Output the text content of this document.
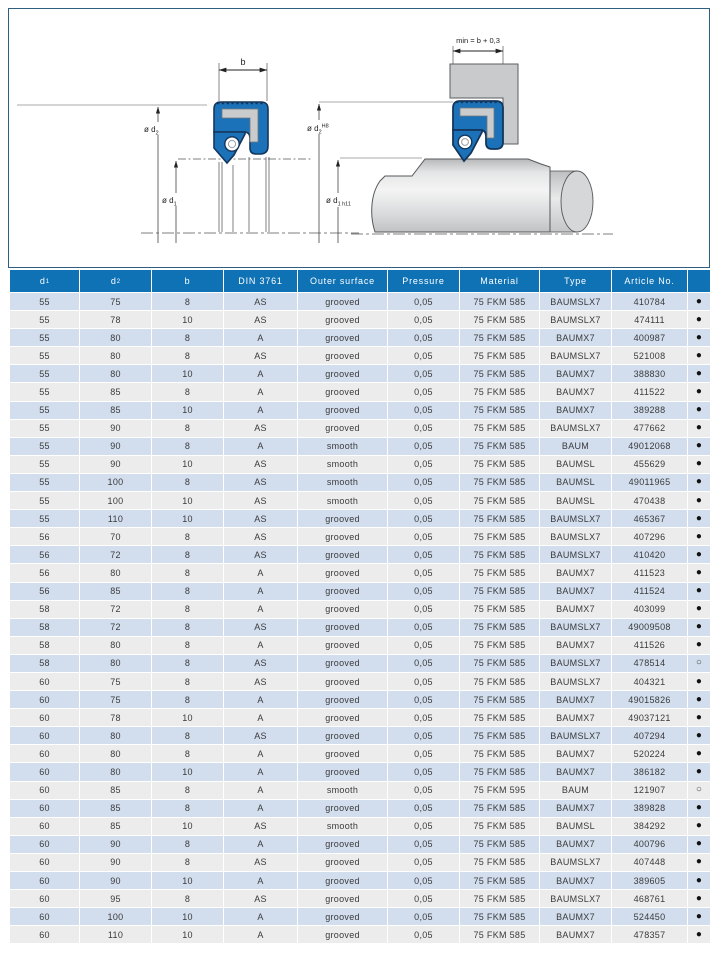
b
ø $d_2$
ø $d_1$
min = b + 0,3
ø $d_2^{H8}$
ø $d_1$ h11
d 1	d 2	b	DIN 3761	Outer surface	Pressure	Material	Type	Article No.
55	75	8	AS	grooved	0,05	75 FKM 585	BAUMSLX7	410784	●
55	78	10	AS	grooved	0,05	75 FKM 585	BAUMSLX7	474111	●
55	80	8	A	grooved	0,05	75 FKM 585	BAUMX7	400987	●
55	80	8	AS	grooved	0,05	75 FKM 585	BAUMSLX7	521008	●
55	80	10	A	grooved	0,05	75 FKM 585	BAUMX7	388830	●
55	85	8	A	grooved	0,05	75 FKM 585	BAUMX7	411522	●
55	85	10	A	grooved	0,05	75 FKM 585	BAUMX7	389288	●
55	90	8	AS	grooved	0,05	75 FKM 585	BAUMSLX7	477662	●
55	90	8	A	smooth	0,05	75 FKM 585	BAUM	49012068	●
55	90	10	AS	smooth	0,05	75 FKM 585	BAUMSL	455629	●
55	100	8	AS	smooth	0,05	75 FKM 585	BAUMSL	49011965	●
55	100	10	AS	smooth	0,05	75 FKM 585	BAUMSL	470438	●
55	110	10	AS	grooved	0,05	75 FKM 585	BAUMSLX7	465367	●
56	70	8	AS	grooved	0,05	75 FKM 585	BAUMSLX7	407296	●
56	72	8	AS	grooved	0,05	75 FKM 585	BAUMSLX7	410420	●
56	80	8	A	grooved	0,05	75 FKM 585	BAUMX7	411523	●
56	85	8	A	grooved	0,05	75 FKM 585	BAUMX7	411524	●
58	72	8	A	grooved	0,05	75 FKM 585	BAUMX7	403099	●
58	72	8	AS	grooved	0,05	75 FKM 585	BAUMSLX7	49009508	●
58	80	8	A	grooved	0,05	75 FKM 585	BAUMX7	411526	●
58	80	8	AS	grooved	0,05	75 FKM 585	BAUMSLX7	478514	○
60	75	8	AS	grooved	0,05	75 FKM 585	BAUMSLX7	404321	●
60	75	8	A	grooved	0,05	75 FKM 585	BAUMX7	49015826	●
60	78	10	A	grooved	0,05	75 FKM 585	BAUMX7	49037121	●
60	80	8	AS	grooved	0,05	75 FKM 585	BAUMSLX7	407294	●
60	80	8	A	grooved	0,05	75 FKM 585	BAUMX7	520224	●
60	80	10	A	grooved	0,05	75 FKM 585	BAUMX7	386182	●
60	85	8	A	smooth	0,05	75 FKM 595	BAUM	121907	○
60	85	8	A	grooved	0,05	75 FKM 585	BAUMX7	389828	●
60	85	10	AS	smooth	0,05	75 FKM 585	BAUMSL	384292	●
60	90	8	A	grooved	0,05	75 FKM 585	BAUMX7	400796	●
60	90	8	AS	grooved	0,05	75 FKM 585	BAUMSLX7	407448	●
60	90	10	A	grooved	0,05	75 FKM 585	BAUMX7	389605	●
60	95	8	AS	grooved	0,05	75 FKM 585	BAUMSLX7	468761	●
60	100	10	A	grooved	0,05	75 FKM 585	BAUMX7	524450	●
60	110	10	A	grooved	0,05	75 FKM 585	BAUMX7	478357	●
